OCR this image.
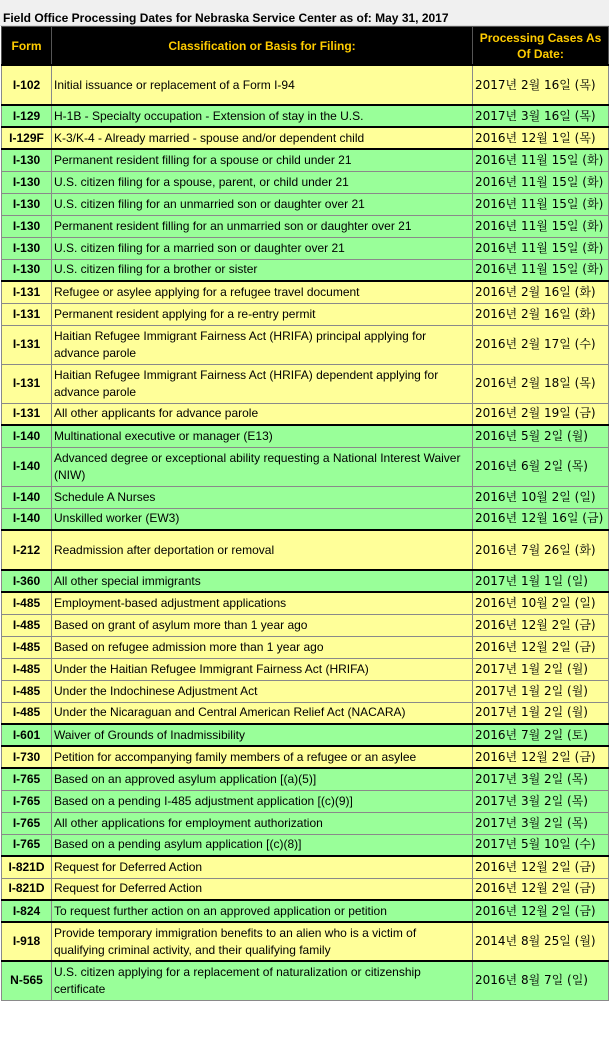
Field Office Processing Dates for Nebraska Service Center as of: May 31, 2017
Form	Classification or Basis for Filing:	Processing Cases As Of Date:
I-102	Initial issuance or replacement of a Form I-94	2017년 2월 16일 (목)
I-129	H-1B - Specialty occupation - Extension of stay in the U.S.	2017년 3월 16일 (목)
I-129F	K-3/K-4 - Already married - spouse and/or dependent child	2016년 12월 1일 (목)
I-130	Permanent resident filling for a spouse or child under 21	2016년 11월 15일 (화)
I-130	U.S. citizen filing for a spouse, parent, or child under 21	2016년 11월 15일 (화)
I-130	U.S. citizen filing for an unmarried son or daughter over 21	2016년 11월 15일 (화)
I-130	Permanent resident filling for an unmarried son or daughter over 21	2016년 11월 15일 (화)
I-130	U.S. citizen filing for a married son or daughter over 21	2016년 11월 15일 (화)
I-130	U.S. citizen filing for a brother or sister	2016년 11월 15일 (화)
I-131	Refugee or asylee applying for a refugee travel document	2016년 2월 16일 (화)
I-131	Permanent resident applying for a re-entry permit	2016년 2월 16일 (화)
I-131	Haitian Refugee Immigrant Fairness Act (HRIFA) principal applying for advance parole	2016년 2월 17일 (수)
I-131	Haitian Refugee Immigrant Fairness Act (HRIFA) dependent applying for advance parole	2016년 2월 18일 (목)
I-131	All other applicants for advance parole	2016년 2월 19일 (금)
I-140	Multinational executive or manager (E13)	2016년 5월 2일 (월)
I-140	Advanced degree or exceptional ability requesting a National Interest Waiver (NIW)	2016년 6월 2일 (목)
I-140	Schedule A Nurses	2016년 10월 2일 (일)
I-140	Unskilled worker (EW3)	2016년 12월 16일 (금)
I-212	Readmission after deportation or removal	2016년 7월 26일 (화)
I-360	All other special immigrants	2017년 1월 1일 (일)
I-485	Employment-based adjustment applications	2016년 10월 2일 (일)
I-485	Based on grant of asylum more than 1 year ago	2016년 12월 2일 (금)
I-485	Based on refugee admission more than 1 year ago	2016년 12월 2일 (금)
I-485	Under the Haitian Refugee Immigrant Fairness Act (HRIFA)	2017년 1월 2일 (월)
I-485	Under the Indochinese Adjustment Act	2017년 1월 2일 (월)
I-485	Under the Nicaraguan and Central American Relief Act (NACARA)	2017년 1월 2일 (월)
I-601	Waiver of Grounds of Inadmissibility	2016년 7월 2일 (토)
I-730	Petition for accompanying family members of a refugee or an asylee	2016년 12월 2일 (금)
I-765	Based on an approved asylum application [(a)(5)]	2017년 3월 2일 (목)
I-765	Based on a pending I-485 adjustment application [(c)(9)]	2017년 3월 2일 (목)
I-765	All other applications for employment authorization	2017년 3월 2일 (목)
I-765	Based on a pending asylum application [(c)(8)]	2017년 5월 10일 (수)
I-821D	Request for Deferred Action	2016년 12월 2일 (금)
I-821D	Request for Deferred Action	2016년 12월 2일 (금)
I-824	To request further action on an approved application or petition	2016년 12월 2일 (금)
I-918	Provide temporary immigration benefits to an alien who is a victim of qualifying criminal activity, and their qualifying family	2014년 8월 25일 (월)
N-565	U.S. citizen applying for a replacement of naturalization or citizenship certificate	2016년 8월 7일 (일)
